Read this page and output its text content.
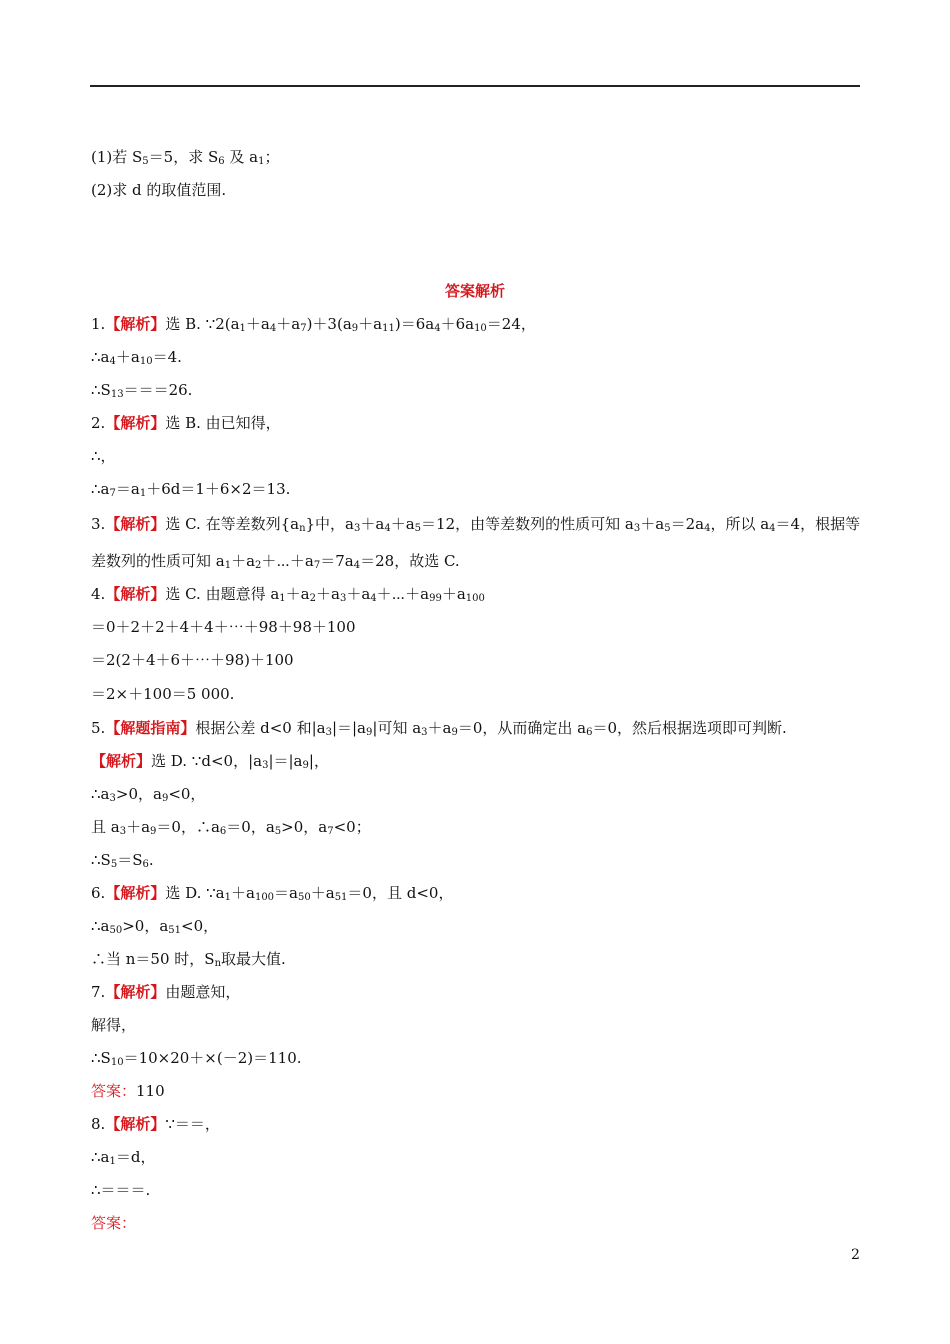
(1)若 $S_5=5$，求 $S_6$ 及 $a_1$；
(2)求 d 的取值范围.
答案解析
1.【解析】选 B. $\because 2(a_1+a_4+a_7)+3(a_9+a_{11})=6a_4+6a_{10}=24$，
$\therefore a_4+a_{10}=4$.
$\therefore S_{13}===26$.
2.【解析】选 B. 由已知得，
∴，
$\therefore a_7=a_1+6d=1+6\times 2=13$.
3.【解析】选 C. 在等差数列$\{a_n\}$中，$a_3+a_4+a_5=12$，由等差数列的性质可知 $a_3+a_5=2a_4$，所以 $a_4=4$，根据等
差数列的性质可知 $a_1+a_2+\cdots+a_7=7a_4=28$，故选 C.
4.【解析】选 C. 由题意得 $a_1+a_2+a_3+a_4+\cdots+a_{99}+a_{100}$
＝0＋2＋2＋4＋4＋⋯＋98＋98＋100
＝2(2＋4＋6＋⋯＋98)＋100
＝2×＋100＝5 000.
5.【解题指南】根据公差 d<0 和$|a_3|=|a_9|$可知 $a_3+a_9=0$，从而确定出 $a_6=0$，然后根据选项即可判断.
【解析】选 D. ∵d<0，$|a_3|=|a_9|$，
$\therefore a_3>0$，$a_9<0$，
且 $a_3+a_9=0$，$\therefore a_6=0$，$a_5>0$，$a_7<0$；
$\therefore S_5=S_6$.
6.【解析】选 D. $\because a_1+a_{100}=a_{50}+a_{51}=0$，且 d<0，
$\therefore a_{50}>0$，$a_{51}<0$，
∴当 n＝50 时，$S_n$取最大值.
7.【解析】由题意知，
解得，
$\therefore S_{10}=10\times 20+\times(-2)=110$.
答案：110
8.【解析】∵＝＝，
$\therefore a_1=d$，
∴＝＝＝.
答案：
2
